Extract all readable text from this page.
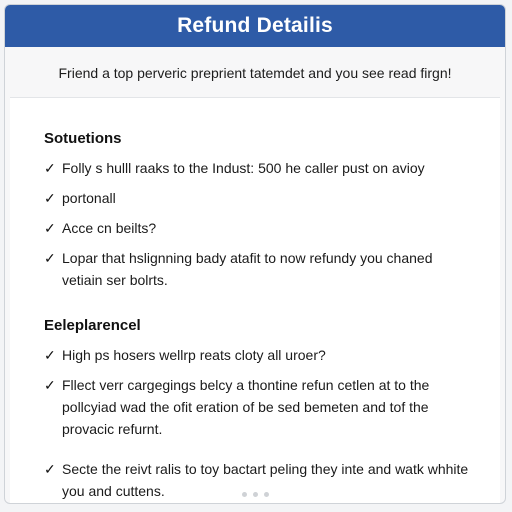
Refund Detailis
Friend a top perveric preprient tatemdet and you see read firgn!
Sotuetions
✓ Folly s hulll raaks to the Indust: 500 he caller pust on avioy
✓ portonall
✓ Acce cn beilts?
✓ Lopar that hslignning bady atafit to now refundy you chaned vetiain ser bolrts.
Eeleplarencel
✓ High ps hosers wellrp reats cloty all uroer?
✓ Fllect verr cargegings belcy a thontine refun cetlen at to the pollcyiad wad the ofit eration of be sed bemeten and tof the provacic refurnt.
✓ Secte the reivt ralis to toy bactart peling they inte and watk whhite you and cuttens.
